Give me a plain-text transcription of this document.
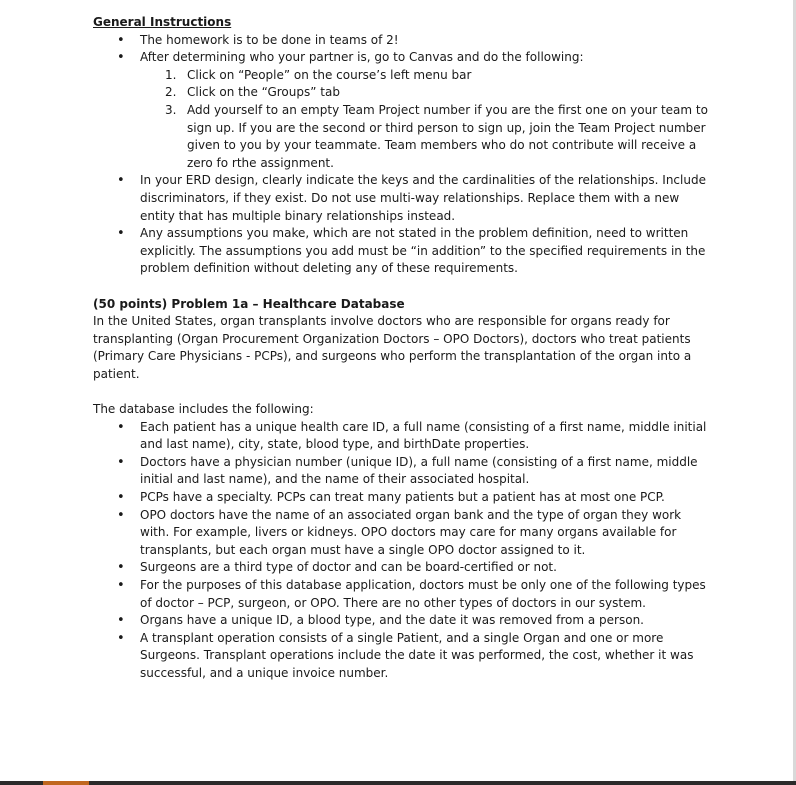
General Instructions

• The homework is to be done in teams of 2!
• After determining who your partner is, go to Canvas and do the following:
1. Click on “People” on the course’s left menu bar
2. Click on the “Groups” tab
3. Add yourself to an empty Team Project number if you are the first one on your team to sign up. If you are the second or third person to sign up, join the Team Project number given to you by your teammate. Team members who do not contribute will receive a zero fo rthe assignment.
• In your ERD design, clearly indicate the keys and the cardinalities of the relationships. Include discriminators, if they exist. Do not use multi-way relationships. Replace them with a new entity that has multiple binary relationships instead.
• Any assumptions you make, which are not stated in the problem definition, need to written explicitly. The assumptions you add must be “in addition” to the specified requirements in the problem definition without deleting any of these requirements.

(50 points) Problem 1a – Healthcare Database

In the United States, organ transplants involve doctors who are responsible for organs ready for transplanting (Organ Procurement Organization Doctors – OPO Doctors), doctors who treat patients (Primary Care Physicians - PCPs), and surgeons who perform the transplantation of the organ into a patient.

The database includes the following:

• Each patient has a unique health care ID, a full name (consisting of a first name, middle initial and last name), city, state, blood type, and birthDate properties.
• Doctors have a physician number (unique ID), a full name (consisting of a first name, middle initial and last name), and the name of their associated hospital.
• PCPs have a specialty. PCPs can treat many patients but a patient has at most one PCP.
• OPO doctors have the name of an associated organ bank and the type of organ they work with. For example, livers or kidneys. OPO doctors may care for many organs available for transplants, but each organ must have a single OPO doctor assigned to it.
• Surgeons are a third type of doctor and can be board-certified or not.
• For the purposes of this database application, doctors must be only one of the following types of doctor – PCP, surgeon, or OPO. There are no other types of doctors in our system.
• Organs have a unique ID, a blood type, and the date it was removed from a person.
• A transplant operation consists of a single Patient, and a single Organ and one or more Surgeons. Transplant operations include the date it was performed, the cost, whether it was successful, and a unique invoice number.
